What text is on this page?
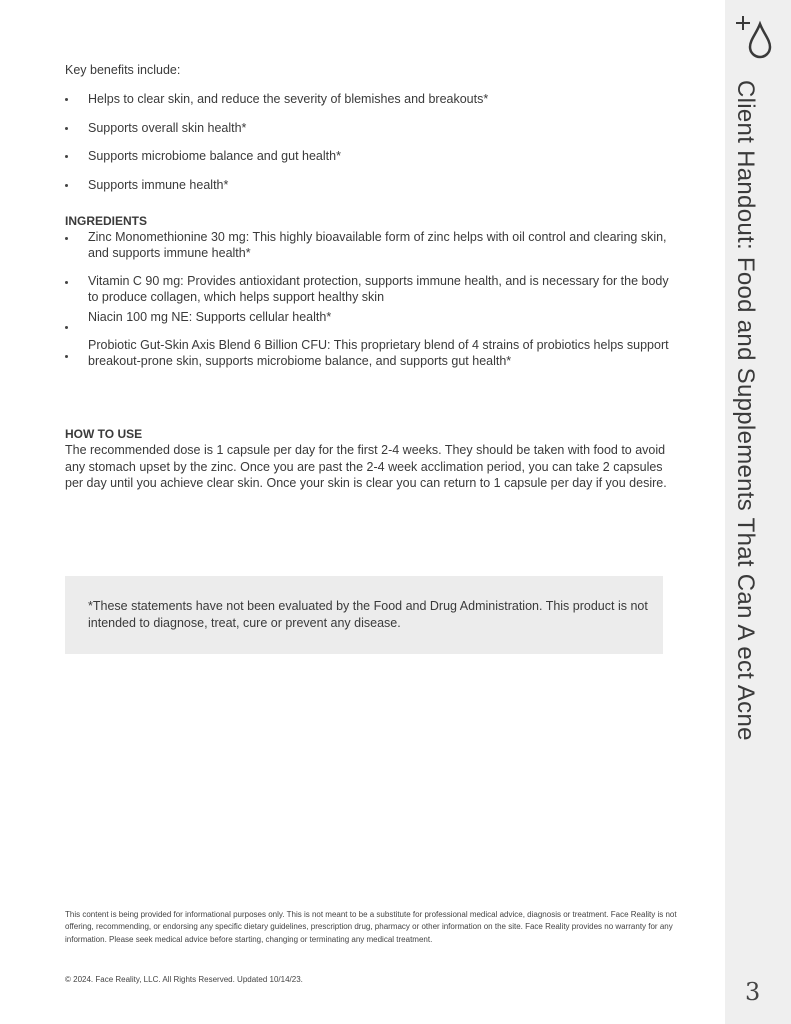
Client Handout: Food and Supplements That Can A ect Acne
3
Key benefits include:
Helps to clear skin, and reduce the severity of blemishes and breakouts*
Supports overall skin health*
Supports microbiome balance and gut health*
Supports immune health*
INGREDIENTS
Zinc Monomethionine 30 mg: This highly bioavailable form of zinc helps with oil control and clearing skin, and supports immune health*
Vitamin C 90 mg: Provides antioxidant protection, supports immune health, and is necessary for the body to produce collagen, which helps support healthy skin
Niacin 100 mg NE: Supports cellular health*
Probiotic Gut-Skin Axis Blend 6 Billion CFU: This proprietary blend of 4 strains of probiotics helps support breakout-prone skin, supports microbiome balance, and supports gut health*
HOW TO USE

The recommended dose is 1 capsule per day for the first 2-4 weeks. They should be taken with food to avoid any stomach upset by the zinc. Once you are past the 2-4 week acclimation period, you can take 2 capsules per day until you achieve clear skin. Once your skin is clear you can return to 1 capsule per day if you desire.

*These statements have not been evaluated by the Food and Drug Administration. This product is not intended to diagnose, treat, cure or prevent any disease.

This content is being provided for informational purposes only. This is not meant to be a substitute for professional medical advice, diagnosis or treatment. Face Reality is not offering, recommending, or endorsing any specific dietary guidelines, prescription drug, pharmacy or other information on the site. Face Reality provides no warranty for any information. Please seek medical advice before starting, changing or terminating any medical treatment.

© 2024. Face Reality, LLC. All Rights Reserved. Updated 10/14/23.
